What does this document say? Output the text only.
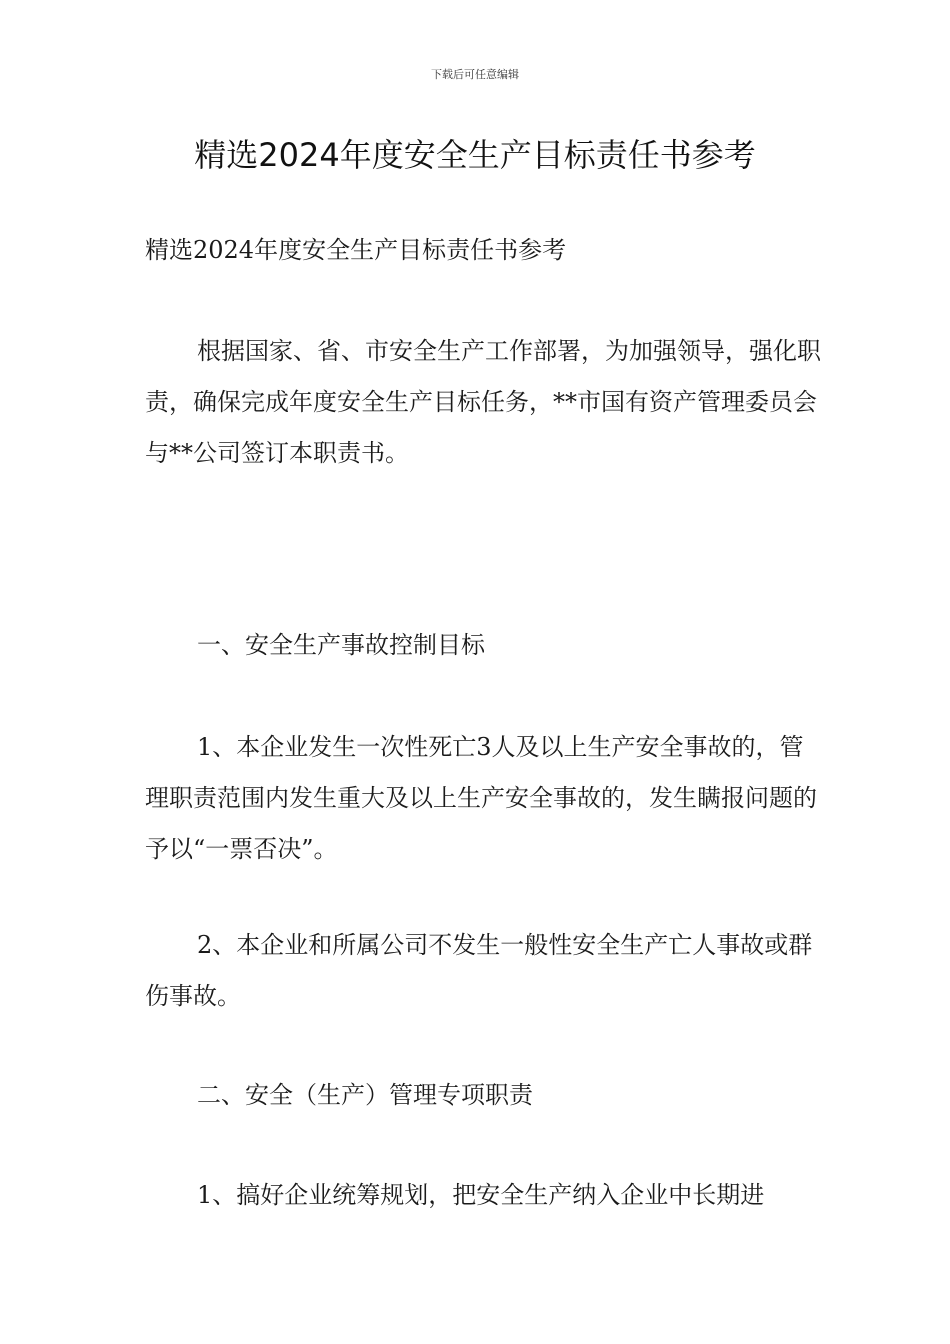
下载后可任意编辑
精选2024年度安全生产目标责任书参考

精选2024年度安全生产目标责任书参考

根据国家、省、市安全生产工作部署，为加强领导，强化职责，确保完成年度安全生产目标任务，**市国有资产管理委员会与**公司签订本职责书。

一、安全生产事故控制目标

1、本企业发生一次性死亡3人及以上生产安全事故的，管理职责范围内发生重大及以上生产安全事故的，发生瞒报问题的予以“一票否决”。

2、本企业和所属公司不发生一般性安全生产亡人事故或群伤事故。

二、安全（生产）管理专项职责

1、搞好企业统筹规划，把安全生产纳入企业中长期进
